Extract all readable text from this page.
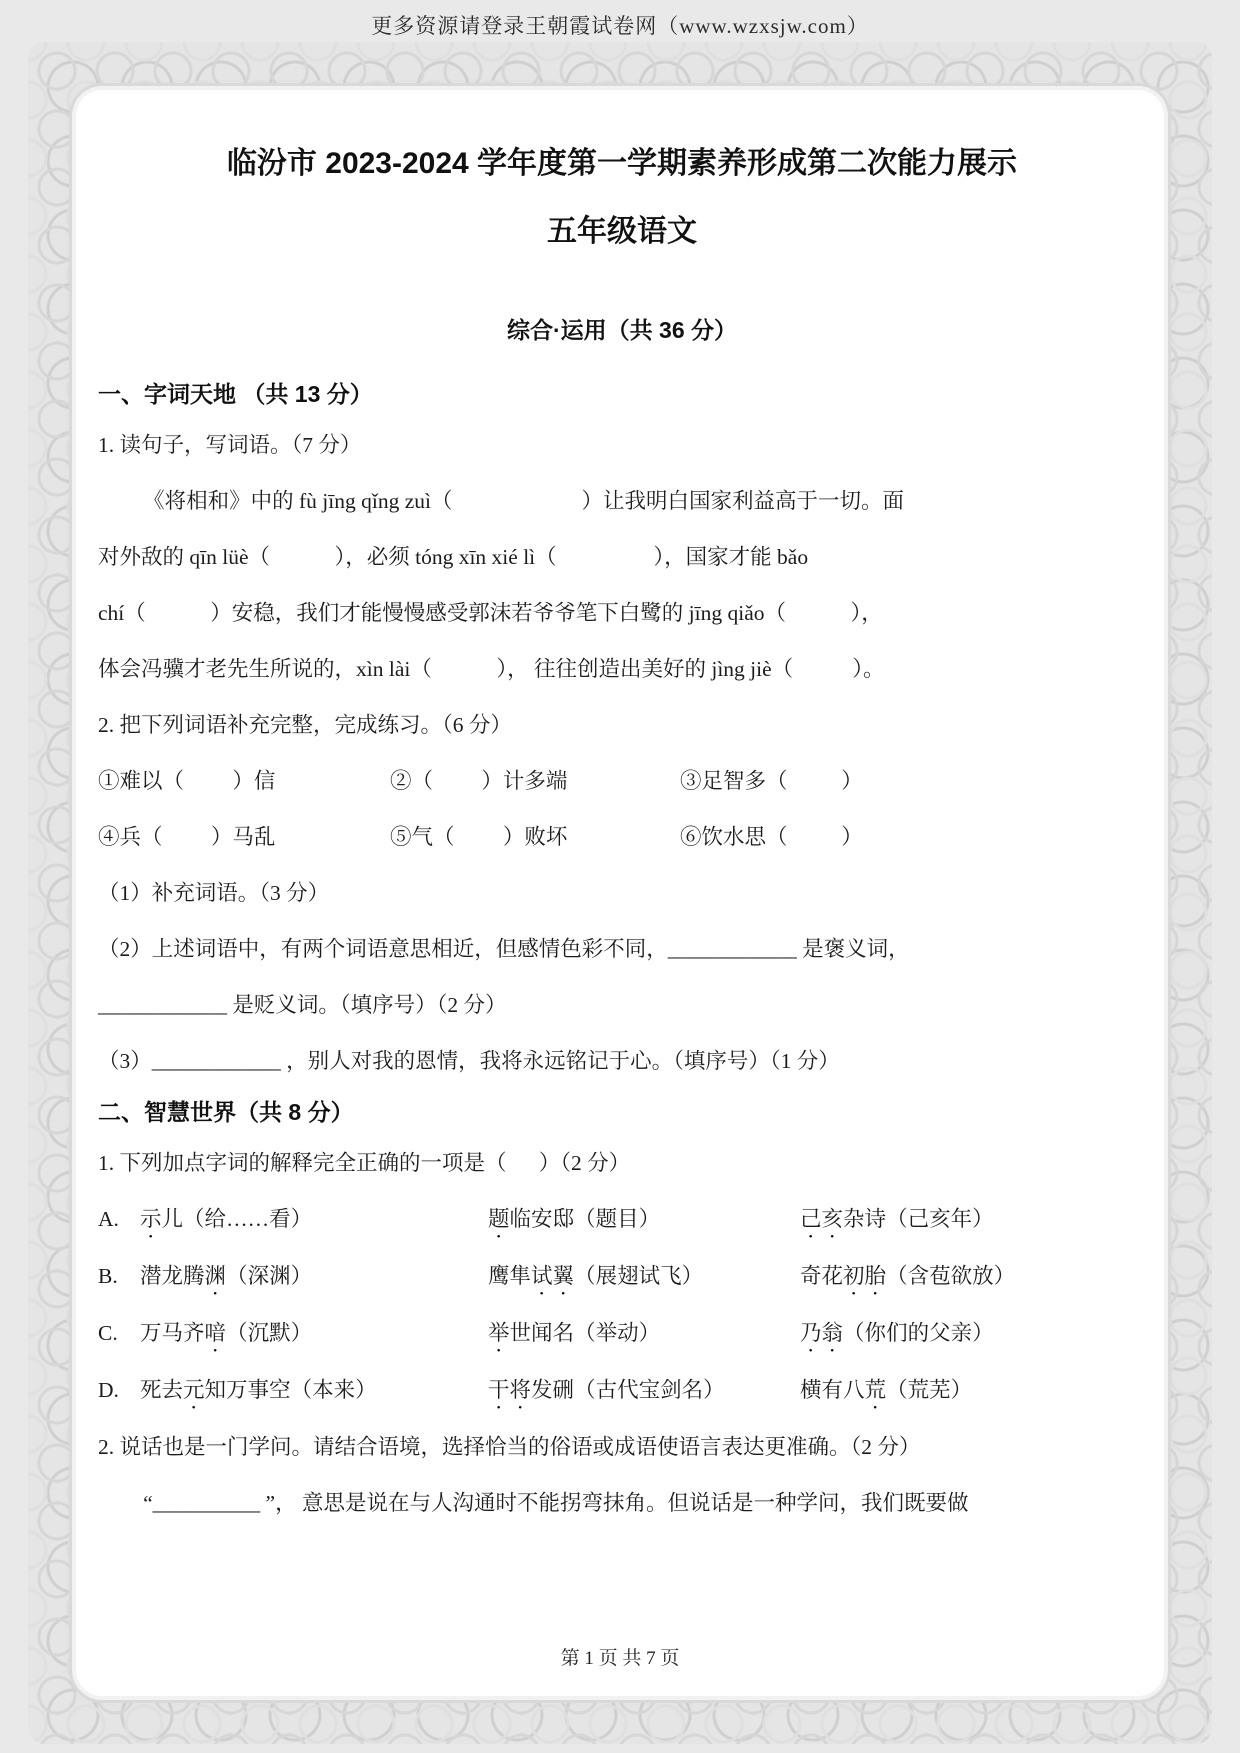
更多资源请登录王朝霞试卷网（www.wzxsjw.com）
临汾市 2023-2024 学年度第一学期素养形成第二次能力展示
五年级语文
综合·运用（共 36 分）
一、字词天地 （共 13 分）
1. 读句子，写词语。（7 分）
《将相和》中的 fù jīng qǐng zuì（                        ）让我明白国家利益高于一切。面
对外敌的 qīn lüè（            ），必须 tóng xīn xié lì（                  ），国家才能 bǎo
chí（            ）安稳，我们才能慢慢感受郭沫若爷爷笔下白鹭的 jīng qiǎo（            ），
体会冯骥才老先生所说的，xìn lài（            ）， 往往创造出美好的 jìng jiè（           ）。
2. 把下列词语补充完整，完成练习。（6 分）
①难以（         ）信	②（         ）计多端	③足智多（          ）
④兵（         ）马乱	⑤气（         ）败坏	⑥饮水思（          ）
（1）补充词语。（3 分）
（2）上述词语中，有两个词语意思相近，但感情色彩不同，____________ 是褒义词，
____________ 是贬义词。（填序号）（2 分）
（3）____________ ，别人对我的恩情，我将永远铭记于心。（填序号）（1 分）
二、智慧世界（共 8 分）
1. 下列加点字词的解释完全正确的一项是（      ）（2 分）
A. 示儿（给……看）	题临安邸（题目）	己亥杂诗（己亥年）
B.	潜龙腾渊（深渊）	鹰隼试翼（展翅试飞）	奇花初胎（含苞欲放）
C.	万马齐喑（沉默）	举世闻名（举动）	乃翁（你们的父亲）
D. 死去元知万事空（本来）	干将发硎（古代宝剑名）	横有八荒（荒芜）
2. 说话也是一门学问。请结合语境，选择恰当的俗语或成语使语言表达更准确。（2 分）
“__________ ”， 意思是说在与人沟通时不能拐弯抹角。但说话是一种学问，我们既要做
第 1 页 共 7 页
